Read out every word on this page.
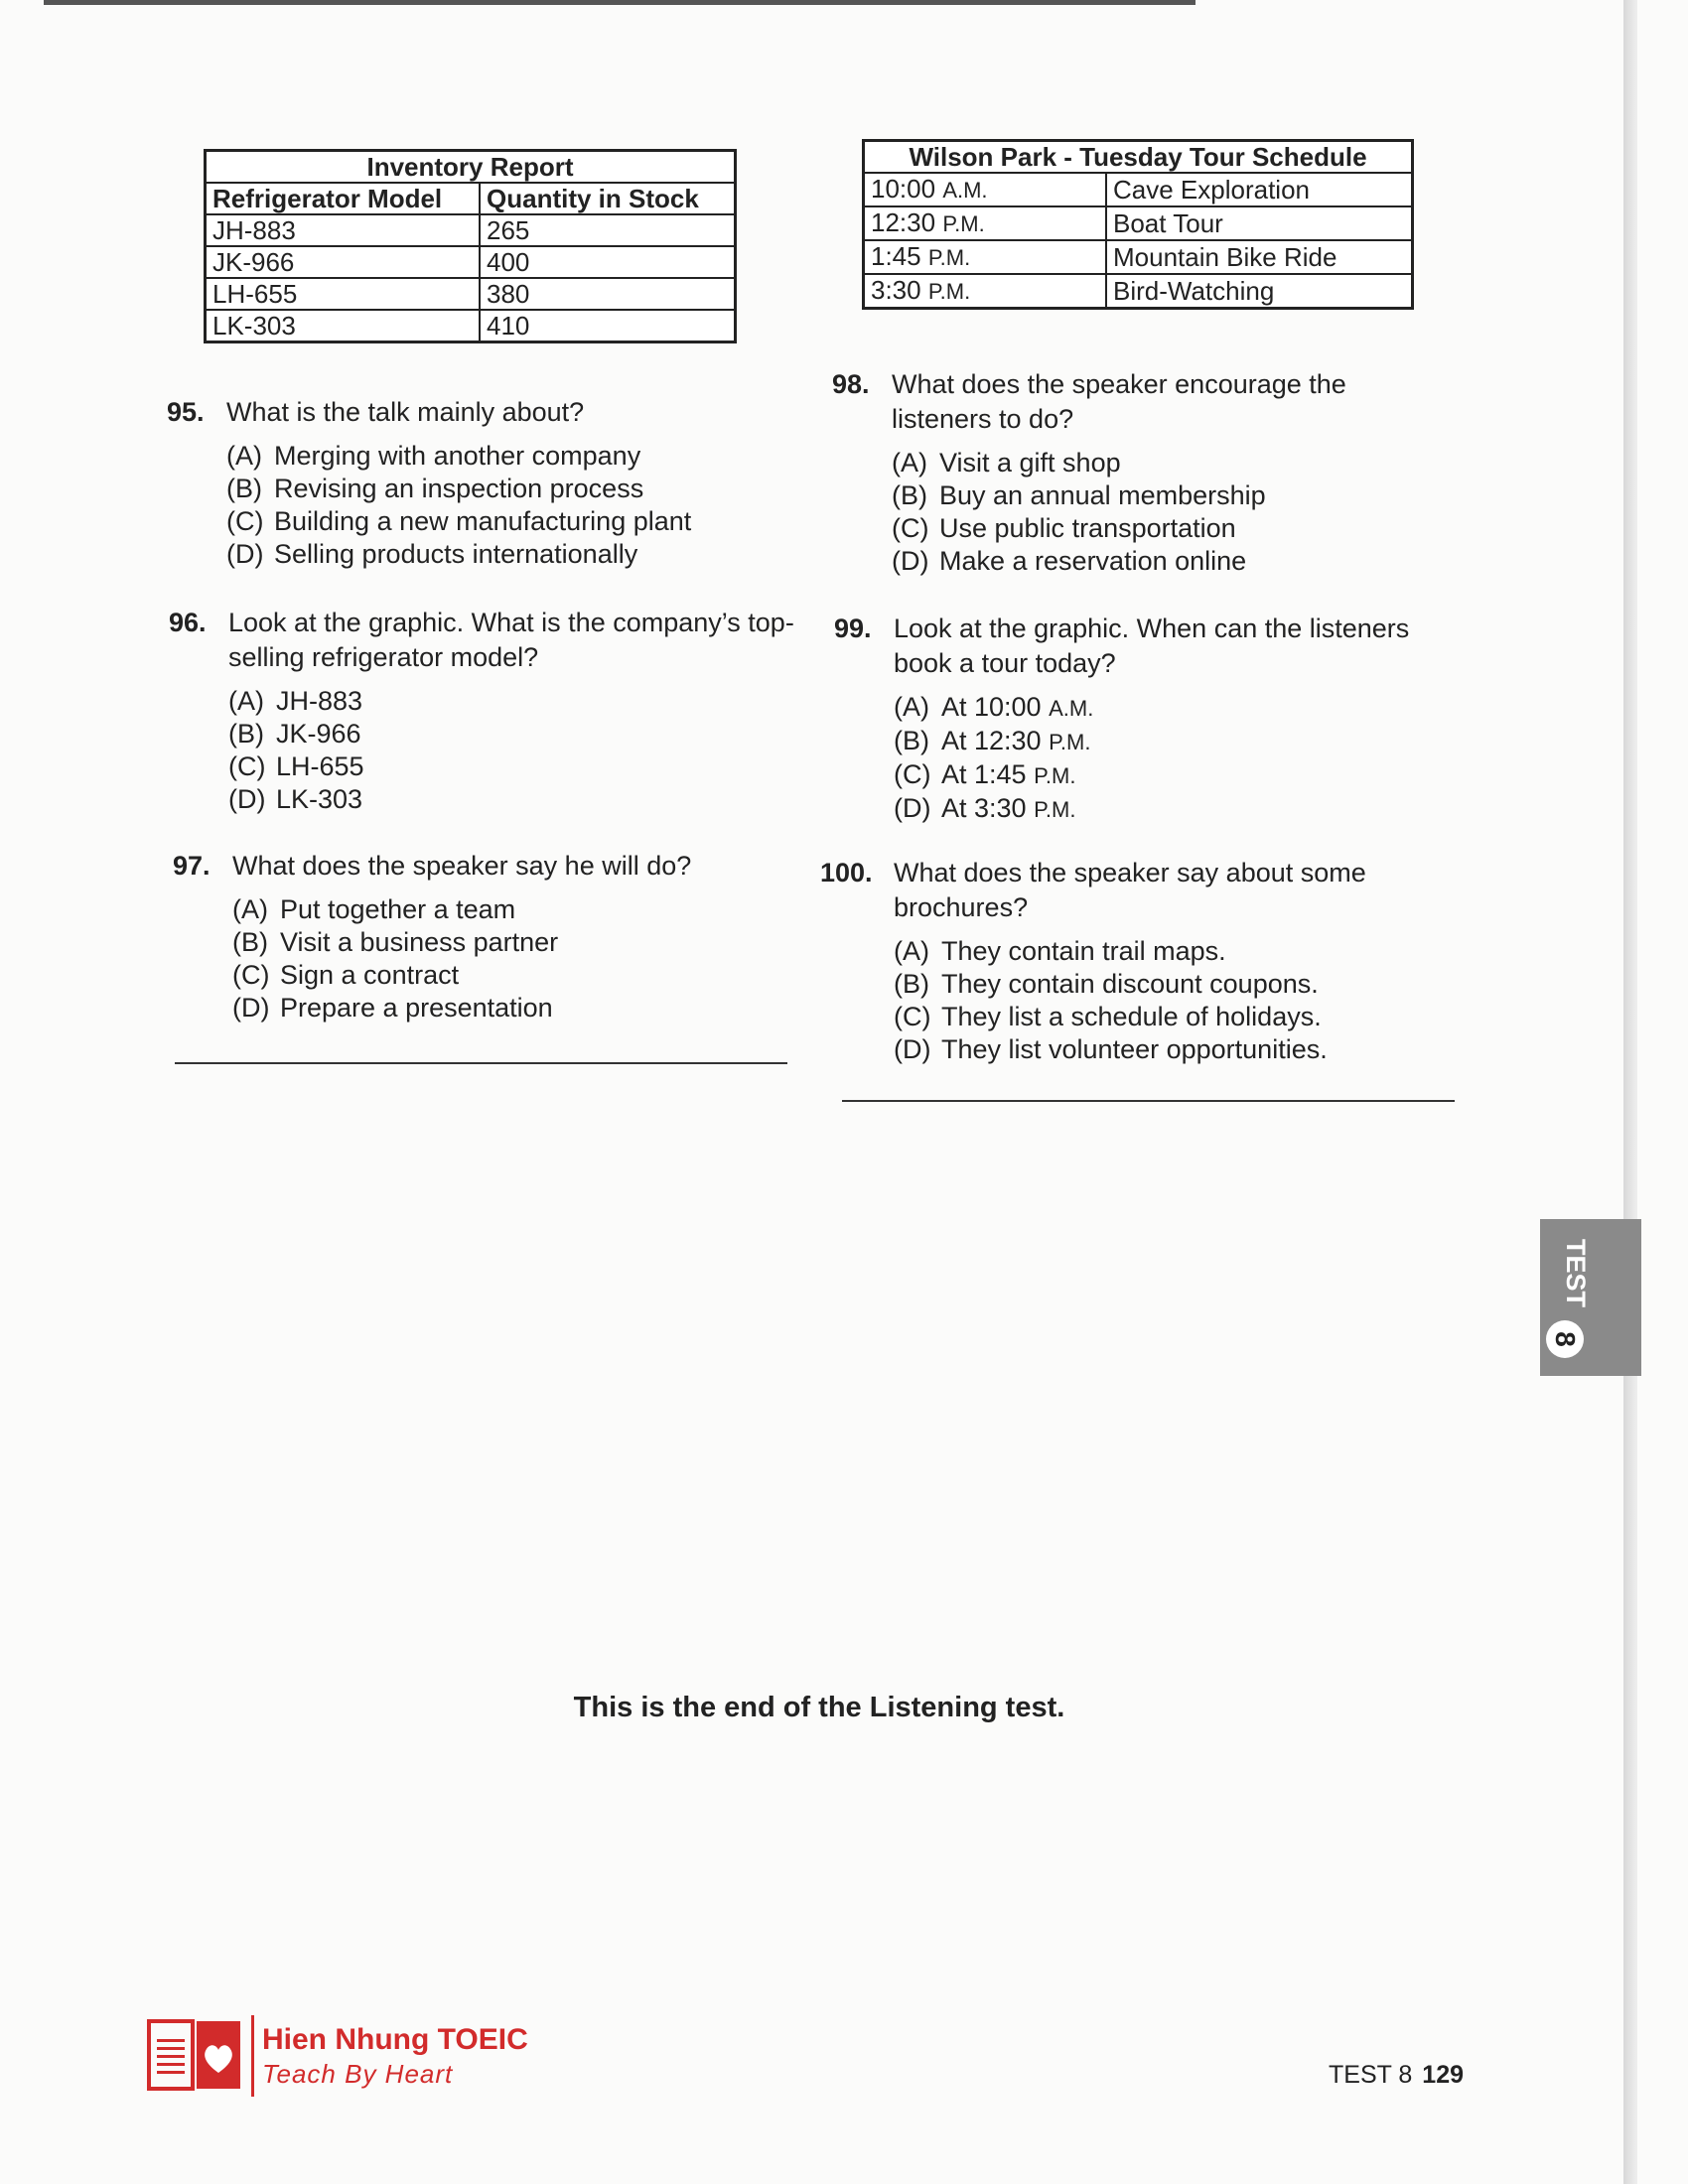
Inventory Report	
Refrigerator Model	Quantity in Stock
JH-883	265
JK-966	400
LH-655	380
LK-303	410
Wilson Park - Tuesday Tour Schedule	
10:00 A.M.	Cave Exploration
12:30 P.M.	Boat Tour
1:45 P.M.	Mountain Bike Ride
3:30 P.M.	Bird-Watching
95. What is the talk mainly about?
(A) Merging with another company
(B) Revising an inspection process
(C) Building a new manufacturing plant
(D) Selling products internationally
96. Look at the graphic. What is the company’s top-selling refrigerator model?
(A) JH-883
(B) JK-966
(C) LH-655
(D) LK-303
97. What does the speaker say he will do?
(A) Put together a team
(B) Visit a business partner
(C) Sign a contract
(D) Prepare a presentation
98. What does the speaker encourage the listeners to do?
(A) Visit a gift shop
(B) Buy an annual membership
(C) Use public transportation
(D) Make a reservation online
99. Look at the graphic. When can the listeners book a tour today?
(A) At 10:00 A.M.
(B) At 12:30 P.M.
(C) At 1:45 P.M.
(D) At 3:30 P.M.
100. What does the speaker say about some brochures?
(A) They contain trail maps.
(B) They contain discount coupons.
(C) They list a schedule of holidays.
(D) They list volunteer opportunities.
TEST
8
This is the end of the Listening test.
Hien Nhung TOEIC
Teach By Heart	TEST 8 129
